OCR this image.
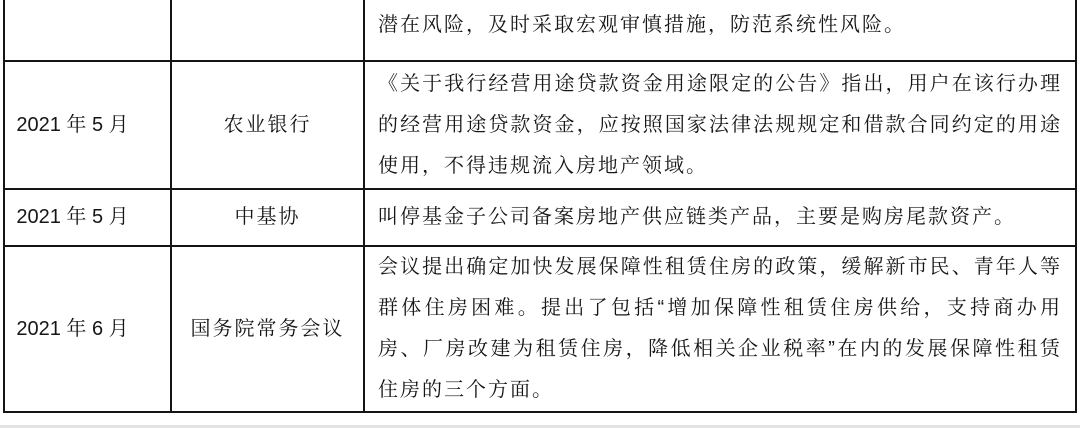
		潜在风险，及时采取宏观审慎措施，防范系统性风险。
2021 年 5 月	农业银行	《关于我行经营用途贷款资金用途限定的公告》指出，用户在该行办理的经营用途贷款资金，应按照国家法律法规规定和借款合同约定的用途使用，不得违规流入房地产领域。
2021 年 5 月	中基协	叫停基金子公司备案房地产供应链类产品，主要是购房尾款资产。
2021 年 6 月	国务院常务会议	会议提出确定加快发展保障性租赁住房的政策，缓解新市民、青年人等群体住房困难。提出了包括“增加保障性租赁住房供给，支持商办用房、厂房改建为租赁住房，降低相关企业税率”在内的发展保障性租赁住房的三个方面。
